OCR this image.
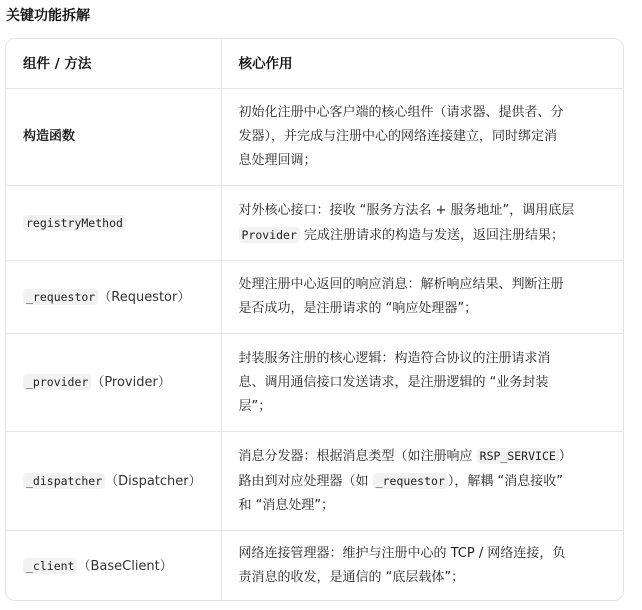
关键功能拆解
组件 / 方法	核心作用
构造函数	初始化注册中心客户端的核心组件（请求器、提供者、分
发器），并完成与注册中心的网络连接建立，同时绑定消
息处理回调；
registryMethod	对外核心接口：接收 “服务方法名 + 服务地址”，调用底层
Provider 完成注册请求的构造与发送，返回注册结果；
_requestor （Requestor）	处理注册中心返回的响应消息：解析响应结果、判断注册
是否成功，是注册请求的 “响应处理器”；
_provider （Provider）	封装服务注册的核心逻辑：构造符合协议的注册请求消
息、调用通信接口发送请求，是注册逻辑的 “业务封装
层”；
_dispatcher （Dispatcher）	消息分发器：根据消息类型（如注册响应 RSP_SERVICE ）
路由到对应处理器（如 _requestor ），解耦 “消息接收”
和 “消息处理”；
_client （BaseClient）	网络连接管理器：维护与注册中心的 TCP / 网络连接，负
责消息的收发，是通信的 “底层载体”；
